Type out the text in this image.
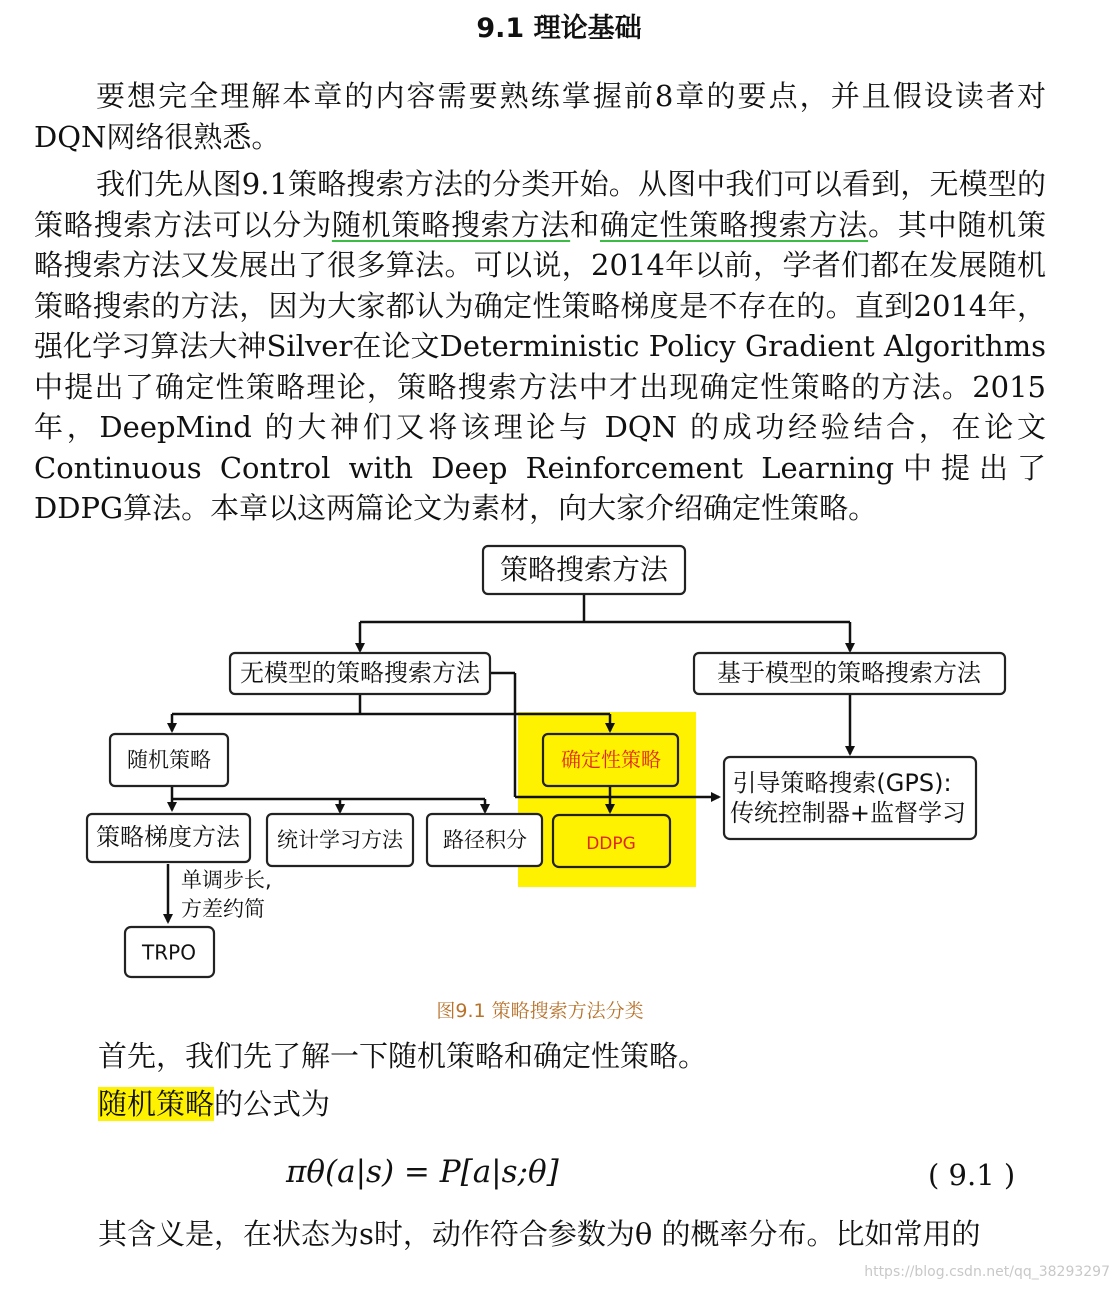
9.1 理论基础

要想完全理解本章的内容需要熟练掌握前8章的要点，并且假设读者对DQN网络很熟悉。

我们先从图9.1策略搜索方法的分类开始。从图中我们可以看到，无模型的策略搜索方法可以分为随机策略搜索方法和确定性策略搜索方法。其中随机策略搜索方法又发展出了很多算法。可以说，2014年以前，学者们都在发展随机策略搜索的方法，因为大家都认为确定性策略梯度是不存在的。直到2014年，强化学习算法大神Silver在论文Deterministic Policy Gradient Algorithms中提出了确定性策略理论，策略搜索方法中才出现确定性策略的方法。2015 年，DeepMind 的大神们又将该理论与 DQN 的成功经验结合，在论文Continuous Control with Deep Reinforcement Learning中提出了DDPG算法。本章以这两篇论文为素材，向大家介绍确定性策略。

策略搜索方法
无模型的策略搜索方法	基于模型的策略搜索方法
随机策略	确定性策略
引导策略搜索(GPS):
传统控制器+监督学习
策略梯度方法 统计学习方法 路径积分	DDPG
TRPO
单调步长,
方差约简
图9.1 策略搜索方法分类
首先，我们先了解一下随机策略和确定性策略。
随机策略的公式为
πθ(a|s) = P[a|s;θ]	( 9.1 )
其含义是，在状态为s时，动作符合参数为θ 的概率分布。比如常用的
https://blog.csdn.net/qq_38293297
